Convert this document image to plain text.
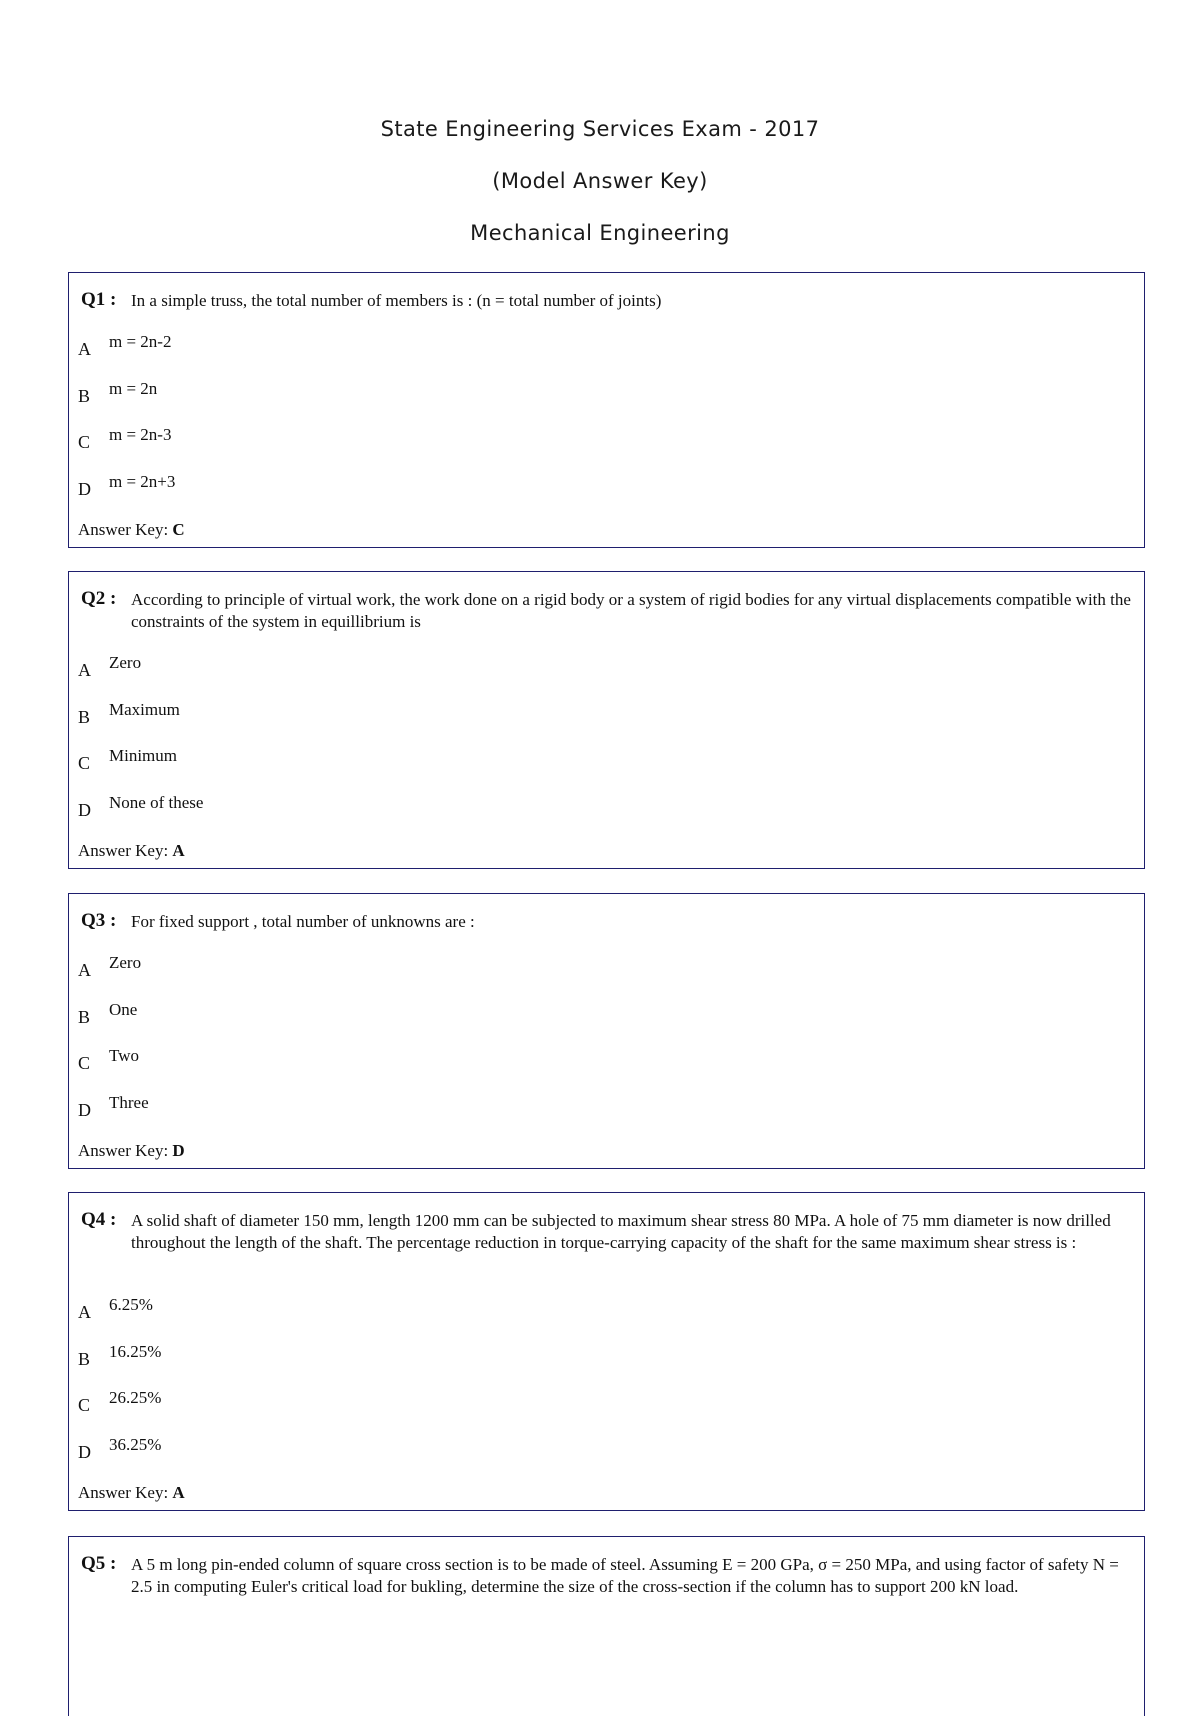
State Engineering Services Exam - 2017
(Model Answer Key)
Mechanical Engineering
Q1 : In a simple truss, the total number of members is : (n = total number of joints)
A m = 2n-2
B m = 2n
C m = 2n-3
D m = 2n+3
Answer Key: C
Q2 : According to principle of virtual work, the work done on a rigid body or a system of rigid bodies for any virtual displacements compatible with the constraints of the system in equillibrium is
A Zero
B Maximum
C Minimum
D None of these
Answer Key: A
Q3 : For fixed support , total number of unknowns are :
A Zero
B One
C Two
D Three
Answer Key: D
Q4 : A solid shaft of diameter 150 mm, length 1200 mm can be subjected to maximum shear stress 80 MPa. A hole of 75 mm diameter is now drilled throughout the length of the shaft. The percentage reduction in torque-carrying capacity of the shaft for the same maximum shear stress is :
A 6.25%
B 16.25%
C 26.25%
D 36.25%
Answer Key: A
Q5 : A 5 m long pin-ended column of square cross section is to be made of steel. Assuming E = 200 GPa, σ = 250 MPa, and using factor of safety N = 2.5 in computing Euler's critical load for bukling, determine the size of the cross-section if the column has to support 200 kN load.
